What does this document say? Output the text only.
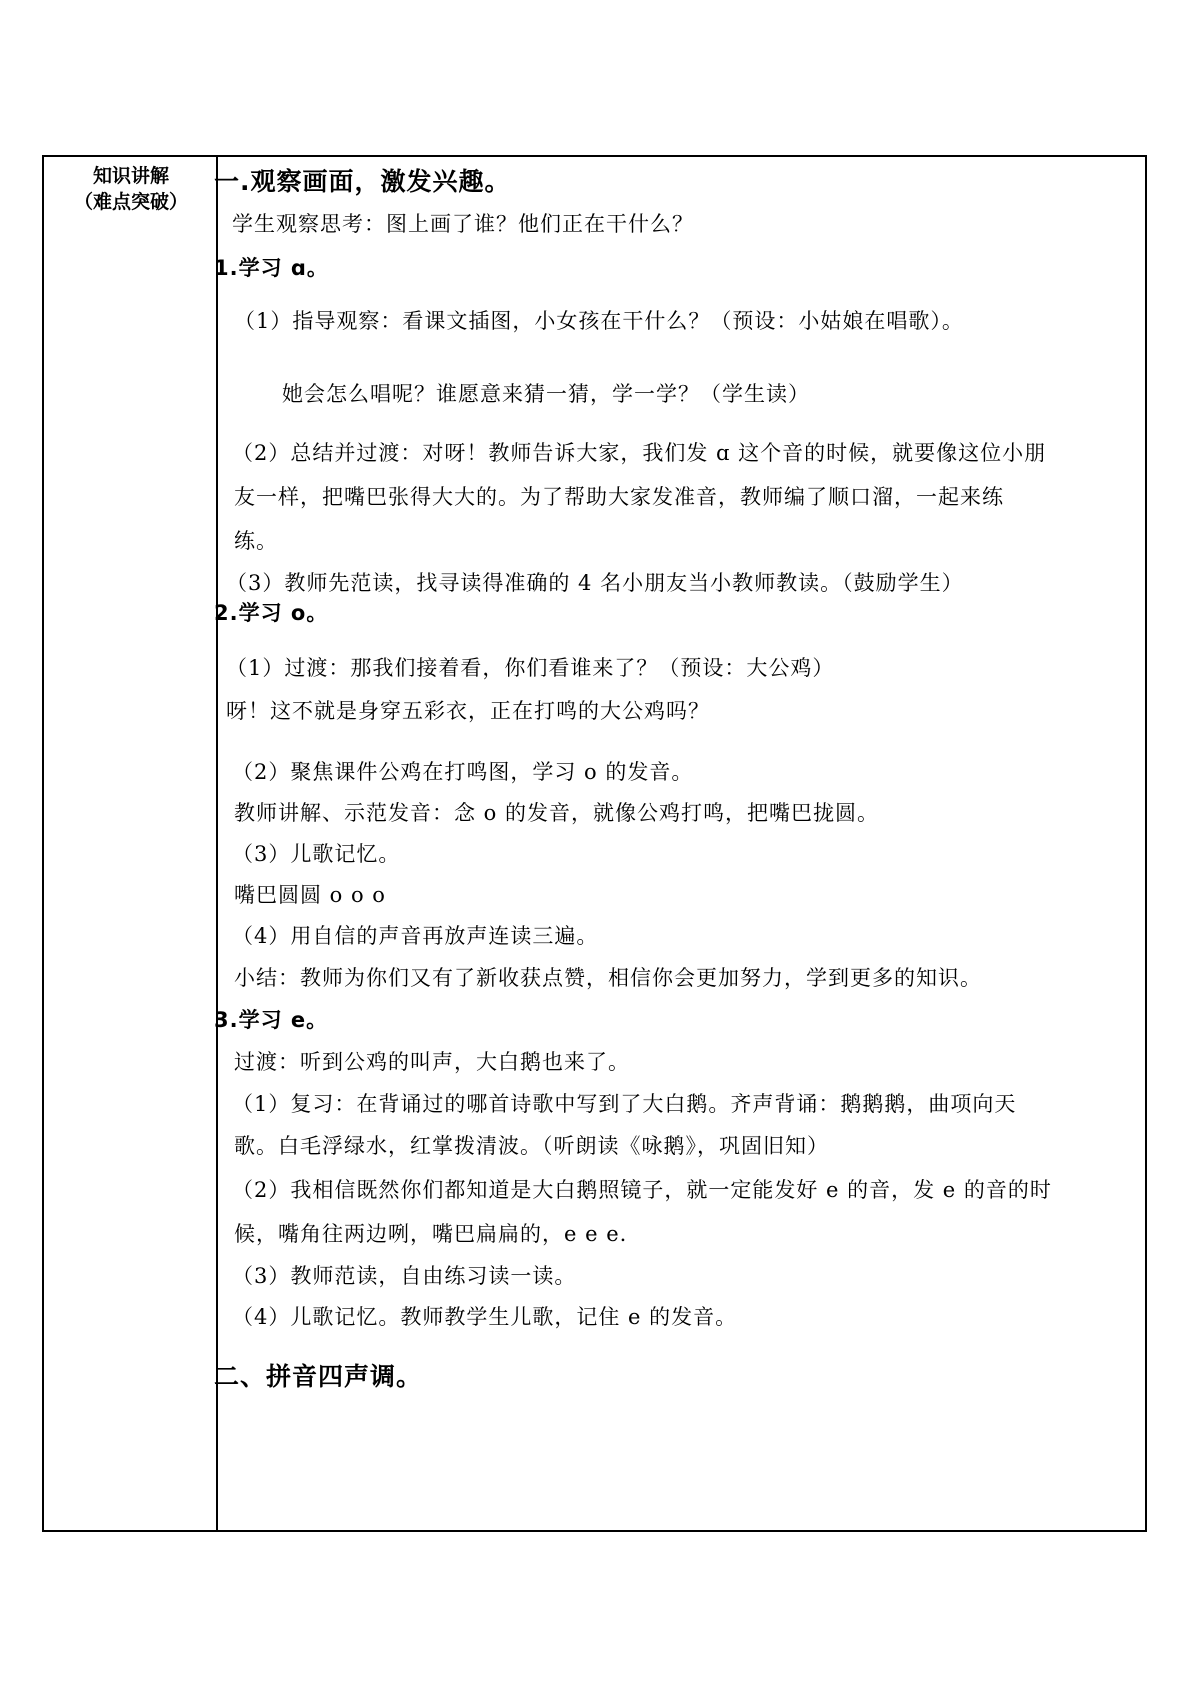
知识讲解
（难点突破）
一.观察画面，激发兴趣。
学生观察思考：图上画了谁？他们正在干什么？
1.学习 ɑ。
（1）指导观察：看课文插图，小女孩在干什么？（预设：小姑娘在唱歌）。
她会怎么唱呢？谁愿意来猜一猜，学一学？（学生读）
（2）总结并过渡：对呀！教师告诉大家，我们发 ɑ 这个音的时候，就要像这位小朋
友一样，把嘴巴张得大大的。为了帮助大家发准音，教师编了顺口溜，一起来练
练。
（3）教师先范读，找寻读得准确的 4 名小朋友当小教师教读。（鼓励学生）
2.学习 o。
（1）过渡：那我们接着看，你们看谁来了？（预设：大公鸡）
呀！这不就是身穿五彩衣，正在打鸣的大公鸡吗？
（2）聚焦课件公鸡在打鸣图，学习 o 的发音。
教师讲解、示范发音：念 o 的发音，就像公鸡打鸣，把嘴巴拢圆。
（3）儿歌记忆。
嘴巴圆圆 o o o
（4）用自信的声音再放声连读三遍。
小结：教师为你们又有了新收获点赞，相信你会更加努力，学到更多的知识。
3.学习 e。
过渡：听到公鸡的叫声，大白鹅也来了。
（1）复习：在背诵过的哪首诗歌中写到了大白鹅。齐声背诵：鹅鹅鹅，曲项向天
歌。白毛浮绿水，红掌拨清波。（听朗读《咏鹅》，巩固旧知）
（2）我相信既然你们都知道是大白鹅照镜子，就一定能发好 e 的音，发 e 的音的时
候，嘴角往两边咧，嘴巴扁扁的，e e e.
（3）教师范读，自由练习读一读。
（4）儿歌记忆。教师教学生儿歌，记住 e 的发音。
二、拼音四声调。
